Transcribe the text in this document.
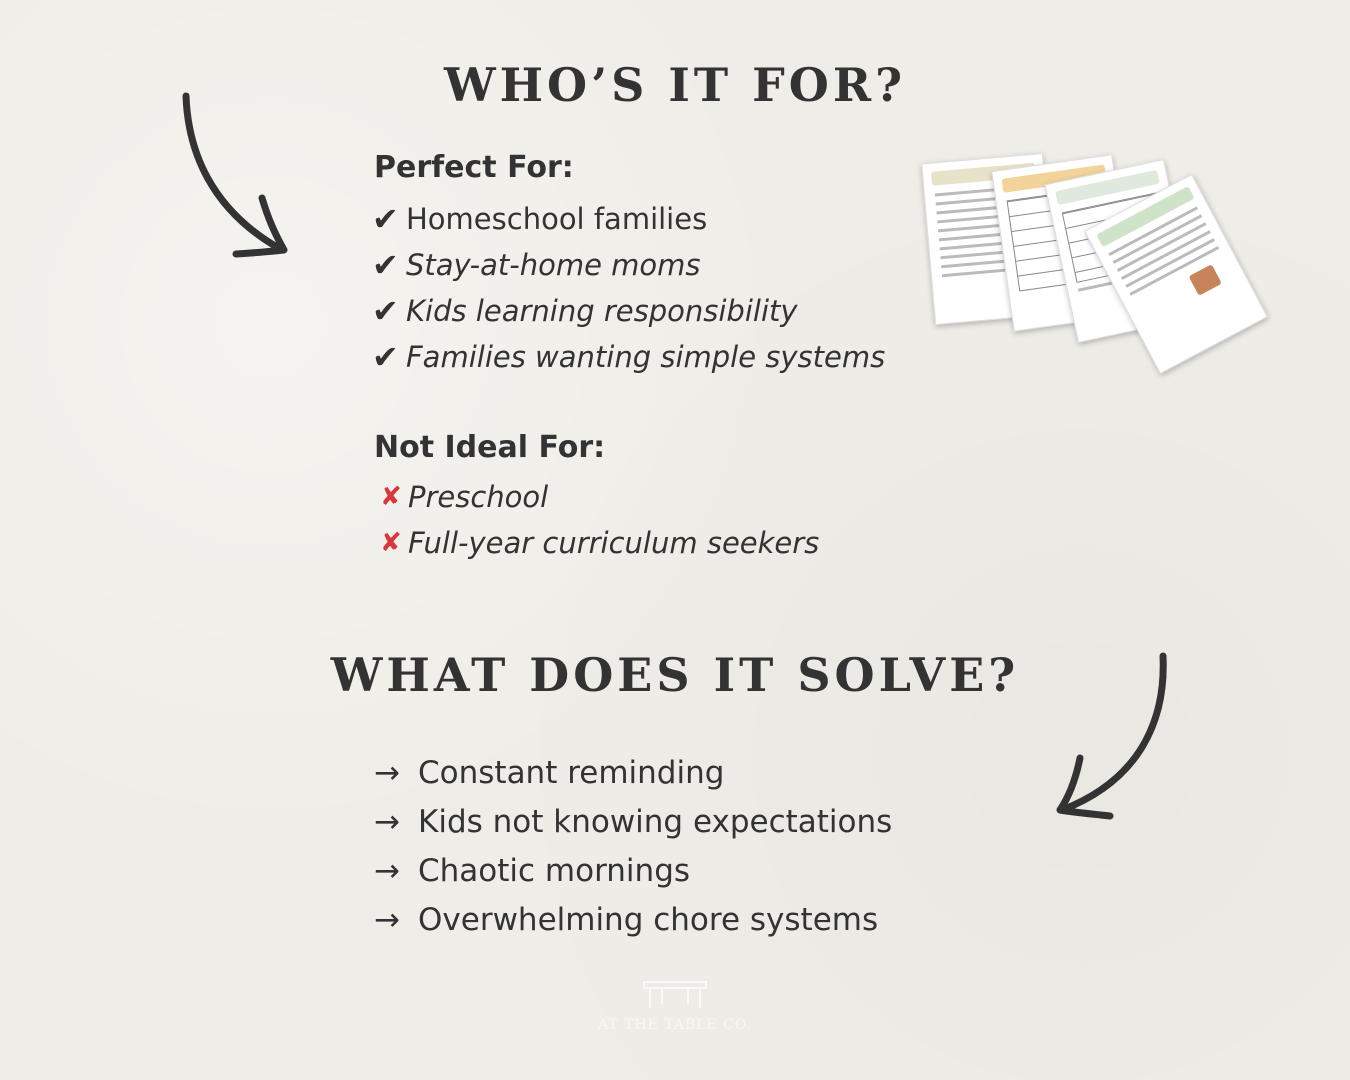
WHO’S IT FOR?
WHAT DOES IT SOLVE?
Perfect For:
✔ Homeschool families
✔ Stay-at-home moms
✔ Kids learning responsibility
✔ Families wanting simple systems
Not Ideal For:
✘ Preschool
✘ Full-year curriculum seekers
→ Constant reminding
→ Kids not knowing expectations
→ Chaotic mornings
→ Overwhelming chore systems
AT THE TABLE CO.
